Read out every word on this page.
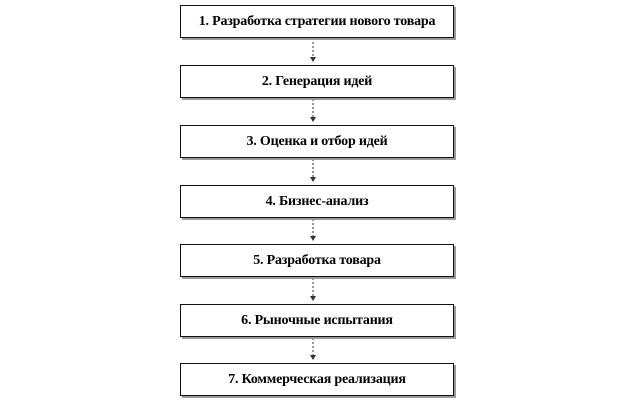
1. Разработка стратегии нового товара
2. Генерация идей
3. Оценка и отбор идей
4. Бизнес-анализ
5. Разработка товара
6. Рыночные испытания
7. Коммерческая реализация
